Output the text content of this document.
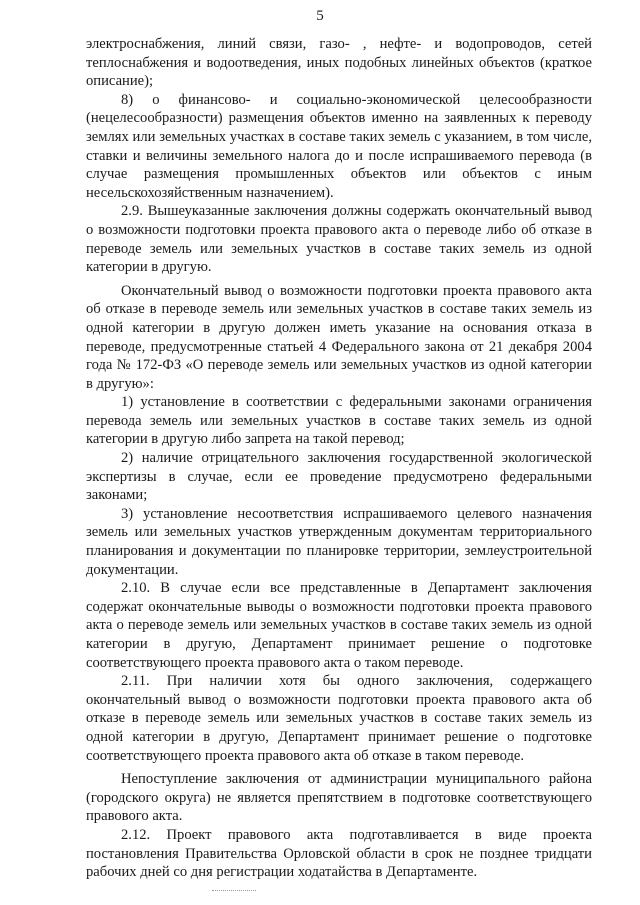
5

электроснабжения, линий связи, газо- , нефте- и водопроводов, сетей теплоснабжения и водоотведения, иных подобных линейных объектов (краткое описание);

8) о финансово- и социально-экономической целесообразности (нецелесообразности) размещения объектов именно на заявленных к переводу землях или земельных участках в составе таких земель с указанием, в том числе, ставки и величины земельного налога до и после испрашиваемого перевода (в случае размещения промышленных объектов или объектов с иным несельскохозяйственным назначением).

2.9. Вышеуказанные заключения должны содержать окончательный вывод о возможности подготовки проекта правового акта о переводе либо об отказе в переводе земель или земельных участков в составе таких земель из одной категории в другую.

Окончательный вывод о возможности подготовки проекта правового акта об отказе в переводе земель или земельных участков в составе таких земель из одной категории в другую должен иметь указание на основания отказа в переводе, предусмотренные статьей 4 Федерального закона от 21 декабря 2004 года № 172-ФЗ «О переводе земель или земельных участков из одной категории в другую»:

1) установление в соответствии с федеральными законами ограничения перевода земель или земельных участков в составе таких земель из одной категории в другую либо запрета на такой перевод;

2) наличие отрицательного заключения государственной экологической экспертизы в случае, если ее проведение предусмотрено федеральными законами;

3) установление несоответствия испрашиваемого целевого назначения земель или земельных участков утвержденным документам территориального планирования и документации по планировке территории, землеустроительной документации.

2.10. В случае если все представленные в Департамент заключения содержат окончательные выводы о возможности подготовки проекта правового акта о переводе земель или земельных участков в составе таких земель из одной категории в другую, Департамент принимает решение о подготовке соответствующего проекта правового акта о таком переводе.

2.11. При наличии хотя бы одного заключения, содержащего окончательный вывод о возможности подготовки проекта правового акта об отказе в переводе земель или земельных участков в составе таких земель из одной категории в другую, Департамент принимает решение о подготовке соответствующего проекта правового акта об отказе в таком переводе.

Непоступление заключения от администрации муниципального района (городского округа) не является препятствием в подготовке соответствующего правового акта.

2.12. Проект правового акта подготавливается в виде проекта постановления Правительства Орловской области в срок не позднее тридцати рабочих дней со дня регистрации ходатайства в Департаменте.
